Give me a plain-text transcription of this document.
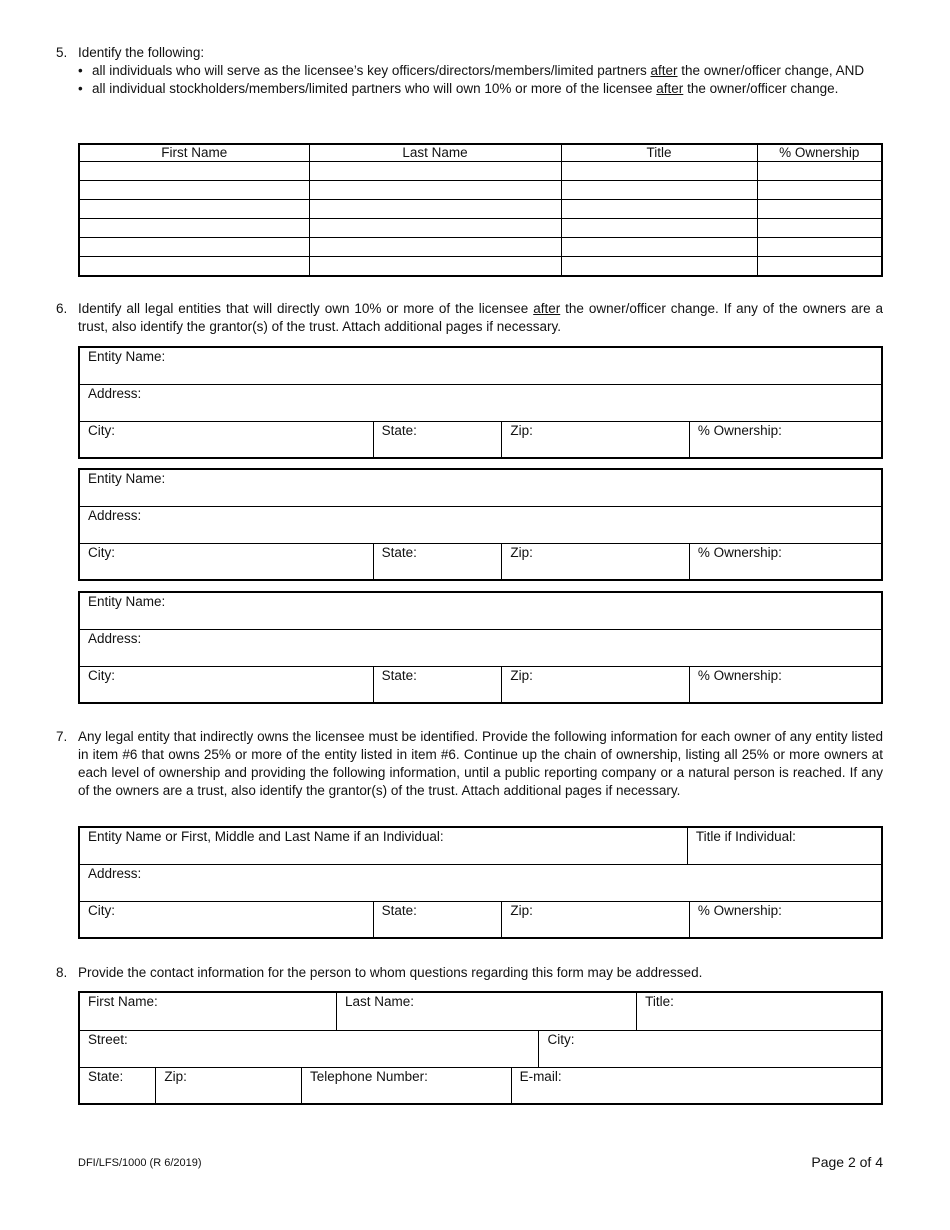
5. Identify the following:
• all individuals who will serve as the licensee’s key officers/directors/members/limited partners after the owner/officer change, AND
• all individual stockholders/members/limited partners who will own 10% or more of the licensee after the owner/officer change.
First Name	Last Name	Title	% Ownership

6. Identify all legal entities that will directly own 10% or more of the licensee after the owner/officer change. If any of the owners are a trust, also identify the grantor(s) of the trust. Attach additional pages if necessary.
Entity Name:
Address:
City:	State:	Zip:	% Ownership:
Entity Name:
Address:
City:	State:	Zip:	% Ownership:
Entity Name:
Address:
City:	State:	Zip:	% Ownership:
7. Any legal entity that indirectly owns the licensee must be identified. Provide the following information for each owner of any entity listed in item #6 that owns 25% or more of the entity listed in item #6. Continue up the chain of ownership, listing all 25% or more owners at each level of ownership and providing the following information, until a public reporting company or a natural person is reached. If any of the owners are a trust, also identify the grantor(s) of the trust. Attach additional pages if necessary.
Entity Name or First, Middle and Last Name if an Individual:			Title if Individual:	
Address:				
City:	State:	Zip:		% Ownership:
8. Provide the contact information for the person to whom questions regarding this form may be addressed.
First Name:			Last Name:			Title:
Street:					City:	
State:	Zip:	Telephone Number:		E-mail:		
DFI/LFS/1000 (R 6/2019)	Page 2 of 4
